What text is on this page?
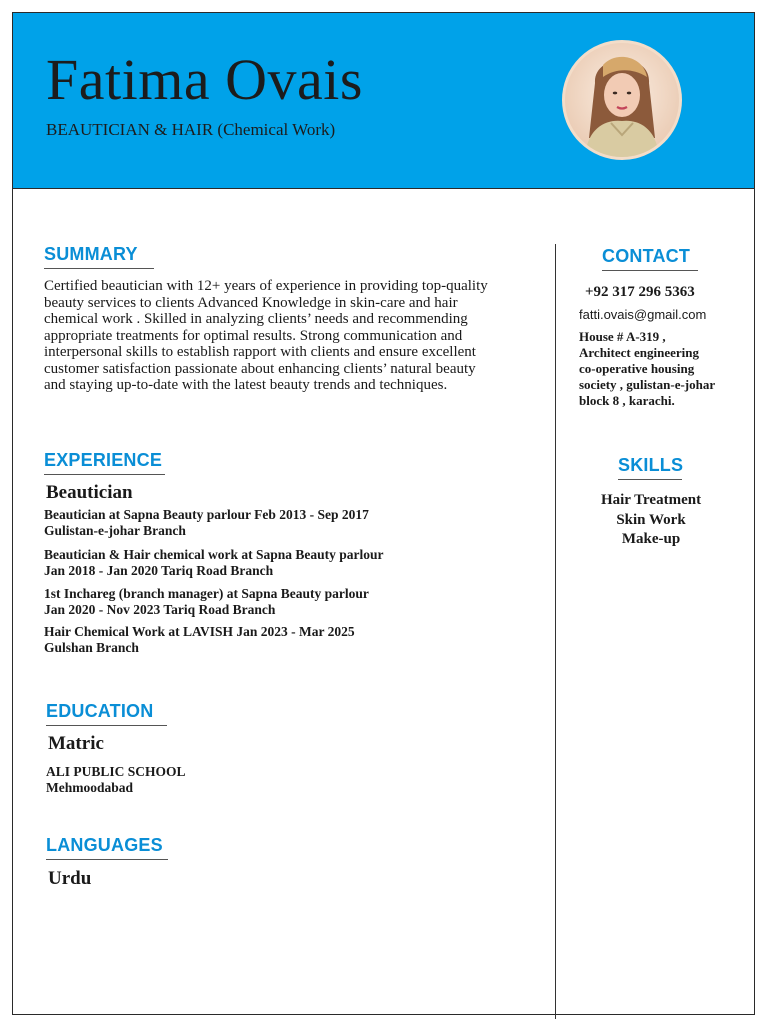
Fatima Ovais
BEAUTICIAN & HAIR (Chemical Work)
SUMMARY
Certified beautician with 12+ years of experience in providing top-quality
beauty services to clients Advanced Knowledge in skin-care and hair
chemical work . Skilled in analyzing clients’ needs and recommending
appropriate treatments for optimal results. Strong communication and
interpersonal skills to establish rapport with clients and ensure excellent
customer satisfaction passionate about enhancing clients’ natural beauty
and staying up-to-date with the latest beauty trends and techniques.
EXPERIENCE
Beautician
Beautician at Sapna Beauty parlour Feb 2013 - Sep 2017
Gulistan-e-johar Branch
Beautician & Hair chemical work at Sapna Beauty parlour
Jan 2018 - Jan 2020 Tariq Road Branch
1st Inchareg (branch manager) at Sapna Beauty parlour
Jan 2020 - Nov 2023 Tariq Road Branch
Hair Chemical Work at LAVISH Jan 2023 - Mar 2025
Gulshan Branch
EDUCATION
Matric
ALI PUBLIC SCHOOL
Mehmoodabad
LANGUAGES
Urdu
CONTACT
+92 317 296 5363
fatti.ovais@gmail.com
House # A-319 ,
Architect engineering
co-operative housing
society , gulistan-e-johar
block 8 , karachi.
SKILLS
Hair Treatment
Skin Work
Make-up
